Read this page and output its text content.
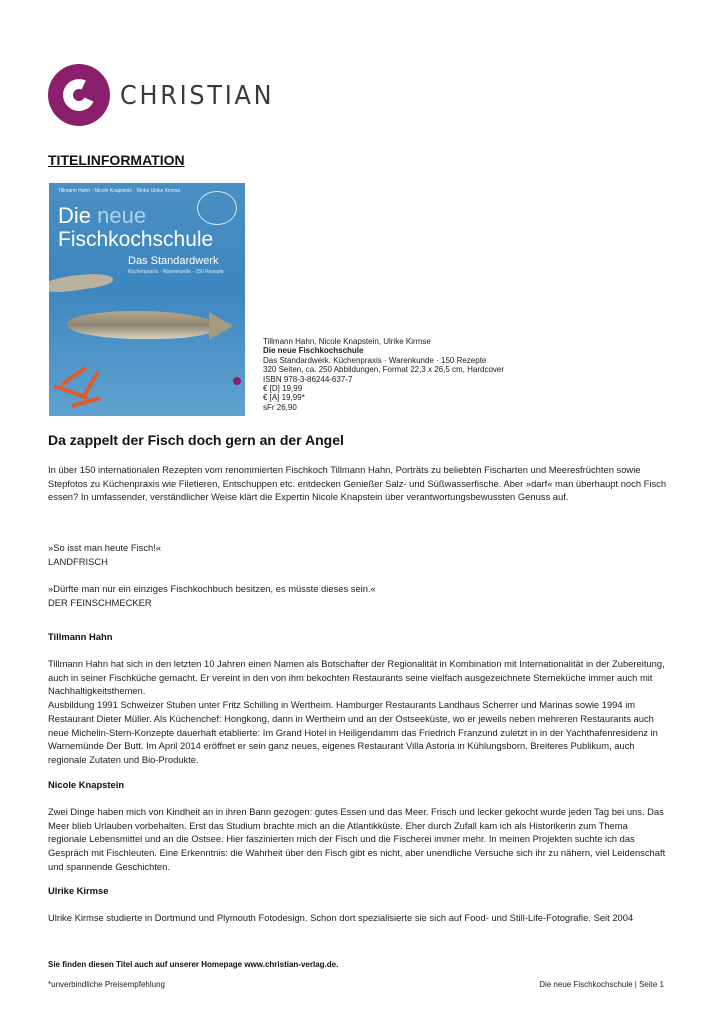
CHRISTIAN
TITELINFORMATION
Tillmann Hahn · Nicole Knapstein · Rinke Ulrike Kirmse
Die neue
Fischkochschule
Das Standardwerk
Küchenpraxis · Warenkunde · 150 Rezepte
Tillmann Hahn, Nicole Knapstein, Ulrike Kirmse
Die neue Fischkochschule
Das Standardwerk. Küchenpraxis · Warenkunde · 150 Rezepte
320 Seiten, ca. 250 Abbildungen, Format 22,3 x 26,5 cm, Hardcover
ISBN 978-3-86244-637-7
€ [D] 19,99
€ [A] 19,99*
sFr 26,90
Da zappelt der Fisch doch gern an der Angel
In über 150 internationalen Rezepten vom renommierten Fischkoch Tillmann Hahn, Porträts zu beliebten Fischarten und Meeresfrüchten sowie Stepfotos zu Küchenpraxis wie Filetieren, Entschuppen etc. entdecken Genießer Salz- und Süßwasserfische. Aber »darf« man überhaupt noch Fisch essen? In umfassender, verständlicher Weise klärt die Expertin Nicole Knapstein über verantwortungsbewussten Genuss auf.
»So isst man heute Fisch!«
LANDFRISCH
»Dürfte man nur ein einziges Fischkochbuch besitzen, es müsste dieses sein.«
DER FEINSCHMECKER
Tillmann Hahn
Tillmann Hahn hat sich in den letzten 10 Jahren einen Namen als Botschafter der Regionalität in Kombination mit Internationalität in der Zubereitung, auch in seiner Fischküche gemacht. Er vereint in den von ihm bekochten Restaurants seine vielfach ausgezeichnete Sterneküche immer auch mit Nachhaltigkeitsthemen.
Ausbildung 1991 Schweizer Stuben unter Fritz Schilling in Wertheim. Hamburger Restaurants Landhaus Scherrer und Marinas sowie 1994 im Restaurant Dieter Müller. Als Küchenchef: Hongkong, dann in Wertheim und an der Ostseeküste, wo er jeweils neben mehreren Restaurants auch neue Michelin-Stern-Konzepte dauerhaft etablierte: Im Grand Hotel in Heiligendamm das Friedrich Franzund zuletzt in in der Yachthafenresidenz in Warnemünde Der Butt. Im April 2014 eröffnet er sein ganz neues, eigenes Restaurant Villa Astoria in Kühlungsborn. Breiteres Publikum, auch regionale Zutaten und Bio-Produkte.
Nicole Knapstein
Zwei Dinge haben mich von Kindheit an in ihren Bann gezogen: gutes Essen und das Meer. Frisch und lecker gekocht wurde jeden Tag bei uns. Das Meer blieb Urlauben vorbehalten. Erst das Studium brachte mich an die Atlantikküste. Eher durch Zufall kam ich als Historikerin zum Thema regionale Lebensmittel und an die Ostsee. Hier faszinierten mich der Fisch und die Fischerei immer mehr. In meinen Projekten suchte ich das Gespräch mit Fischleuten. Eine Erkenntnis: die Wahrheit über den Fisch gibt es nicht, aber unendliche Versuche sich ihr zu nähern, viel Leidenschaft und spannende Geschichten.
Ulrike Kirmse
Ulrike Kirmse studierte in Dortmund und Plymouth Fotodesign. Schon dort spezialisierte sie sich auf Food- und Still-Life-Fotografie. Seit 2004
Sie finden diesen Titel auch auf unserer Homepage www.christian-verlag.de.
*unverbindliche Preisempfehlung	Die neue Fischkochschule | Seite 1
